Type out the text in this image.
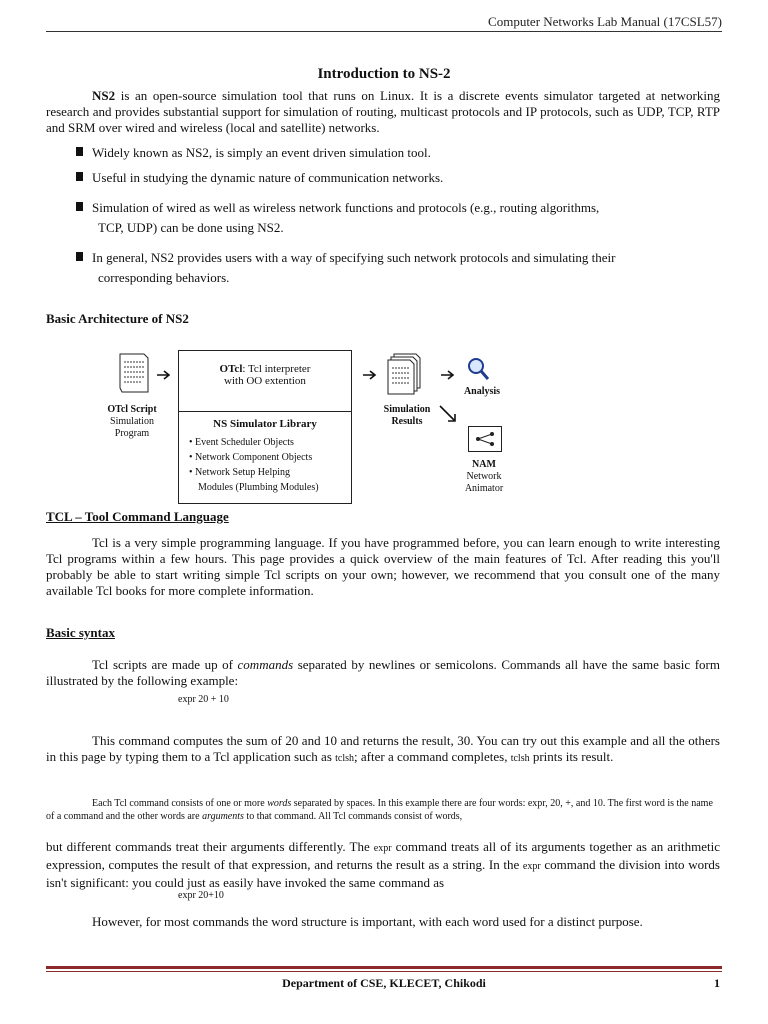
Computer Networks Lab Manual (17CSL57)
Introduction to NS-2

NS2 is an open-source simulation tool that runs on Linux. It is a discrete events simulator targeted at networking research and provides substantial support for simulation of routing, multicast protocols and IP protocols, such as UDP, TCP, RTP and SRM over wired and wireless (local and satellite) networks.

Widely known as NS2, is simply an event driven simulation tool.
Useful in studying the dynamic nature of communication networks.
Simulation of wired as well as wireless network functions and protocols (e.g., routing algorithms,
TCP, UDP) can be done using NS2.
In general, NS2 provides users with a way of specifying such network protocols and simulating their
corresponding behaviors.
Basic Architecture of NS2
OTcl Script
Simulation
Program
OTcl: Tcl interpreter
with OO extention
NS Simulator Library
• Event Scheduler Objects
• Network Component Objects
• Network Setup Helping
Modules (Plumbing Modules)
Simulation
Results
Analysis
NAM
Network
Animator
TCL – Tool Command Language

Tcl is a very simple programming language. If you have programmed before, you can learn enough to write interesting Tcl programs within a few hours. This page provides a quick overview of the main features of Tcl. After reading this you'll probably be able to start writing simple Tcl scripts on your own; however, we recommend that you consult one of the many available Tcl books for more complete information.

Basic syntax

Tcl scripts are made up of commands separated by newlines or semicolons. Commands all have the same basic form illustrated by the following example:

expr 20 + 10

This command computes the sum of 20 and 10 and returns the result, 30. You can try out this example and all the others in this page by typing them to a Tcl application such as tclsh; after a command completes, tclsh prints its result.

Each Tcl command consists of one or more words separated by spaces. In this example there are four words: expr, 20, +, and 10. The first word is the name of a command and the other words are arguments to that command. All Tcl commands consist of words,

but different commands treat their arguments differently. The expr command treats all of its arguments together as an arithmetic expression, computes the result of that expression, and returns the result as a string. In the expr command the division into words isn't significant: you could just as easily have invoked the same command as

expr 20+10

However, for most commands the word structure is important, with each word used for a distinct purpose.

Department of CSE, KLECET, Chikodi	1
